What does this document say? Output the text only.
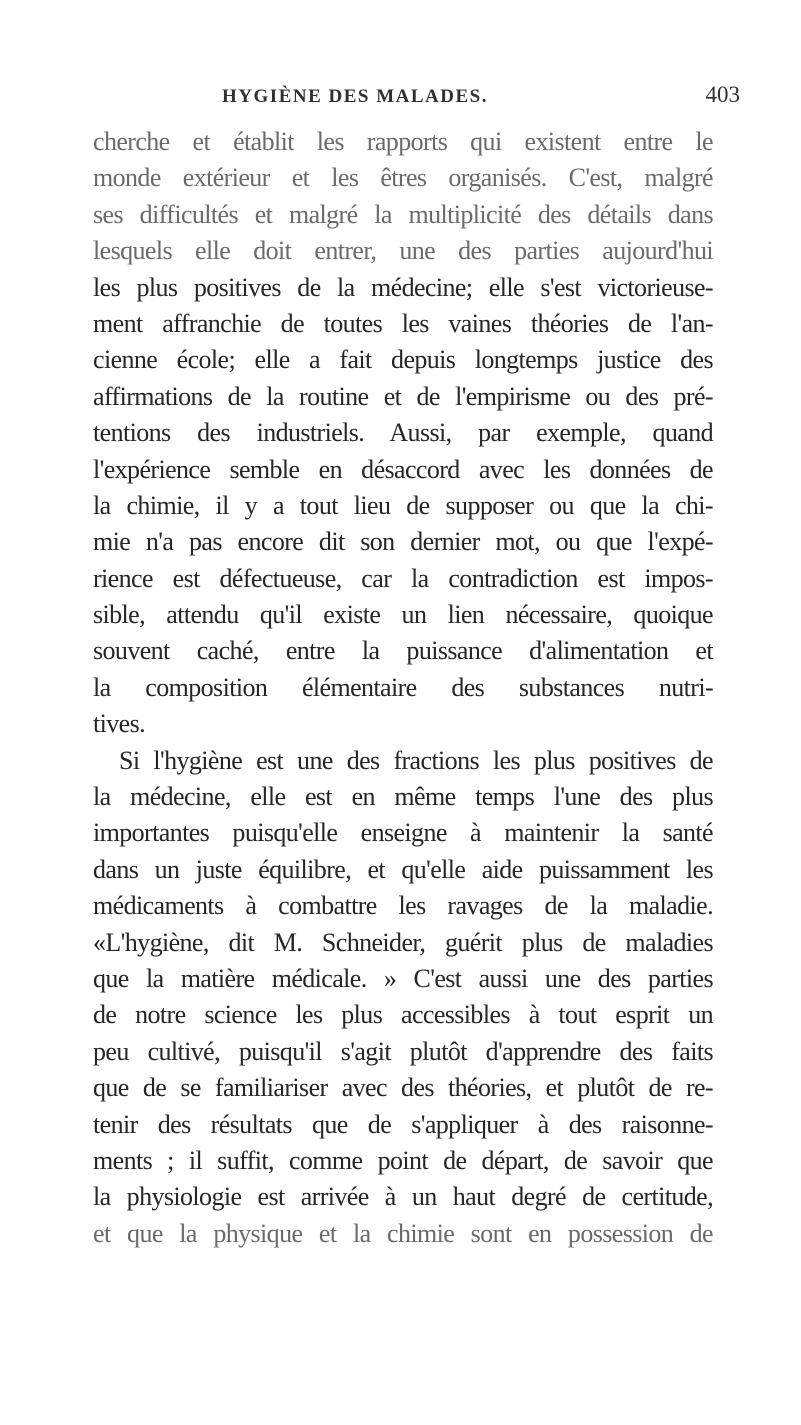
HYGIÈNE DES MALADES.	403
cherche et établit les rapports qui existent entre le
monde extérieur et les êtres organisés. C'est, malgré
ses difficultés et malgré la multiplicité des détails dans
lesquels elle doit entrer, une des parties aujourd'hui
les plus positives de la médecine; elle s'est victorieuse-
ment affranchie de toutes les vaines théories de l'an-
cienne école; elle a fait depuis longtemps justice des
affirmations de la routine et de l'empirisme ou des pré-
tentions des industriels. Aussi, par exemple, quand
l'expérience semble en désaccord avec les données de
la chimie, il y a tout lieu de supposer ou que la chi-
mie n'a pas encore dit son dernier mot, ou que l'expé-
rience est défectueuse, car la contradiction est impos-
sible, attendu qu'il existe un lien nécessaire, quoique
souvent caché, entre la puissance d'alimentation et
la composition élémentaire des substances nutri-
tives.
Si l'hygiène est une des fractions les plus positives de
la médecine, elle est en même temps l'une des plus
importantes puisqu'elle enseigne à maintenir la santé
dans un juste équilibre, et qu'elle aide puissamment les
médicaments à combattre les ravages de la maladie.
«L'hygiène, dit M. Schneider, guérit plus de maladies
que la matière médicale. » C'est aussi une des parties
de notre science les plus accessibles à tout esprit un
peu cultivé, puisqu'il s'agit plutôt d'apprendre des faits
que de se familiariser avec des théories, et plutôt de re-
tenir des résultats que de s'appliquer à des raisonne-
ments ; il suffit, comme point de départ, de savoir que
la physiologie est arrivée à un haut degré de certitude,
et que la physique et la chimie sont en possession de
